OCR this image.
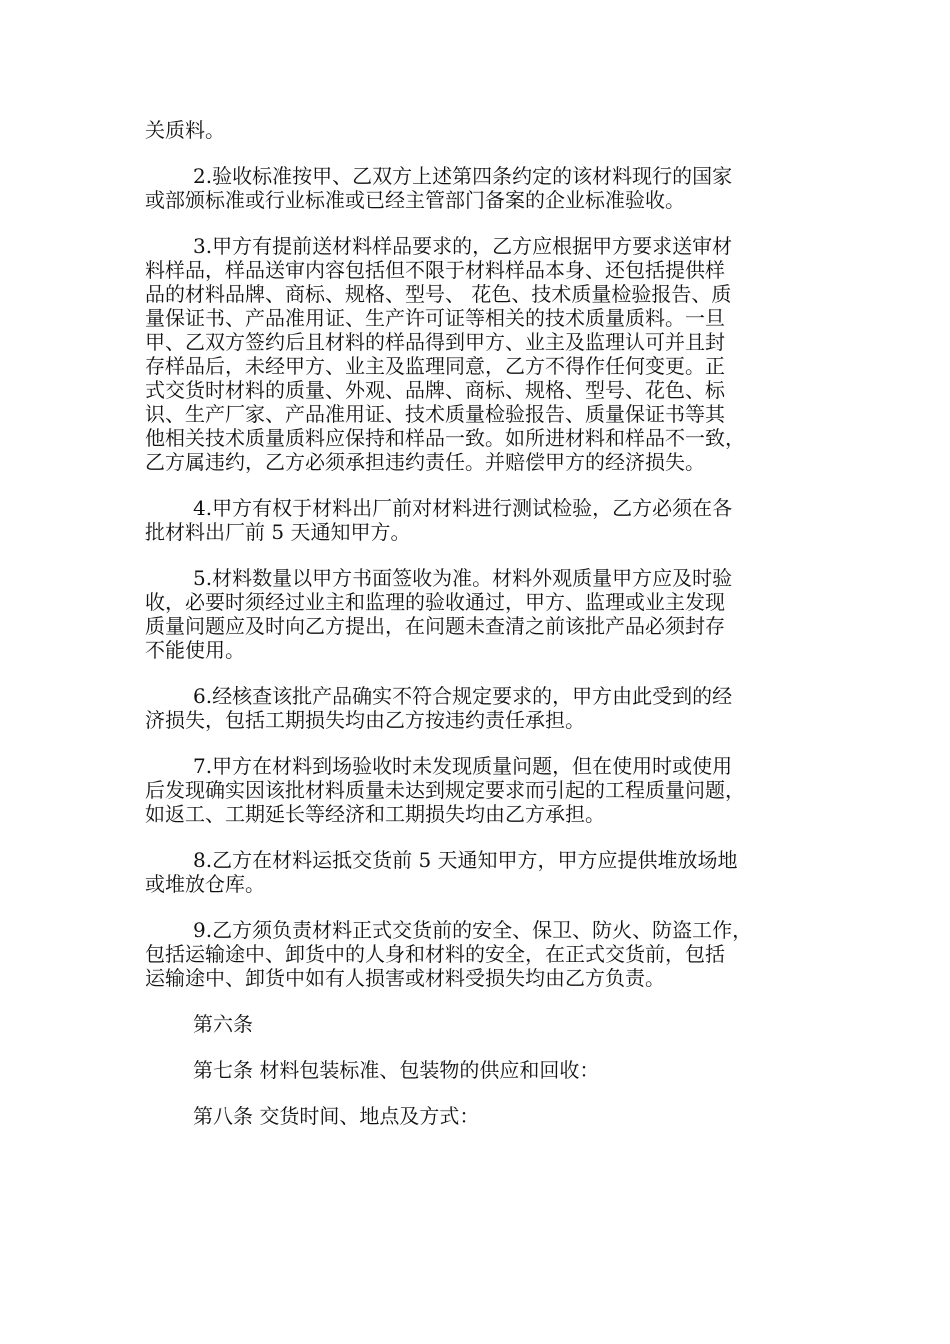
关质料。

2.验收标准按甲、乙双方上述第四条约定的该材料现行的国家
或部颁标准或行业标准或已经主管部门备案的企业标准验收。

3.甲方有提前送材料样品要求的，乙方应根据甲方要求送审材
料样品，样品送审内容包括但不限于材料样品本身、还包括提供样
品的材料品牌、商标、规格、型号、 花色、技术质量检验报告、质
量保证书、产品准用证、生产许可证等相关的技术质量质料。一旦
甲、乙双方签约后且材料的样品得到甲方、业主及监理认可并且封
存样品后，未经甲方、业主及监理同意，乙方不得作任何变更。正
式交货时材料的质量、外观、品牌、商标、规格、型号、花色、标
识、生产厂家、产品准用证、技术质量检验报告、质量保证书等其
他相关技术质量质料应保持和样品一致。如所进材料和样品不一致，
乙方属违约，乙方必须承担违约责任。并赔偿甲方的经济损失。

4.甲方有权于材料出厂前对材料进行测试检验，乙方必须在各
批材料出厂前 5 天通知甲方。

5.材料数量以甲方书面签收为准。材料外观质量甲方应及时验
收，必要时须经过业主和监理的验收通过，甲方、监理或业主发现
质量问题应及时向乙方提出，在问题未查清之前该批产品必须封存
不能使用。

6.经核查该批产品确实不符合规定要求的，甲方由此受到的经
济损失，包括工期损失均由乙方按违约责任承担。

7.甲方在材料到场验收时未发现质量问题，但在使用时或使用
后发现确实因该批材料质量未达到规定要求而引起的工程质量问题，
如返工、工期延长等经济和工期损失均由乙方承担。

8.乙方在材料运抵交货前 5 天通知甲方，甲方应提供堆放场地
或堆放仓库。

9.乙方须负责材料正式交货前的安全、保卫、防火、防盗工作，
包括运输途中、卸货中的人身和材料的安全，在正式交货前，包括
运输途中、卸货中如有人损害或材料受损失均由乙方负责。

第六条

第七条 材料包装标准、包装物的供应和回收：

第八条 交货时间、地点及方式：
